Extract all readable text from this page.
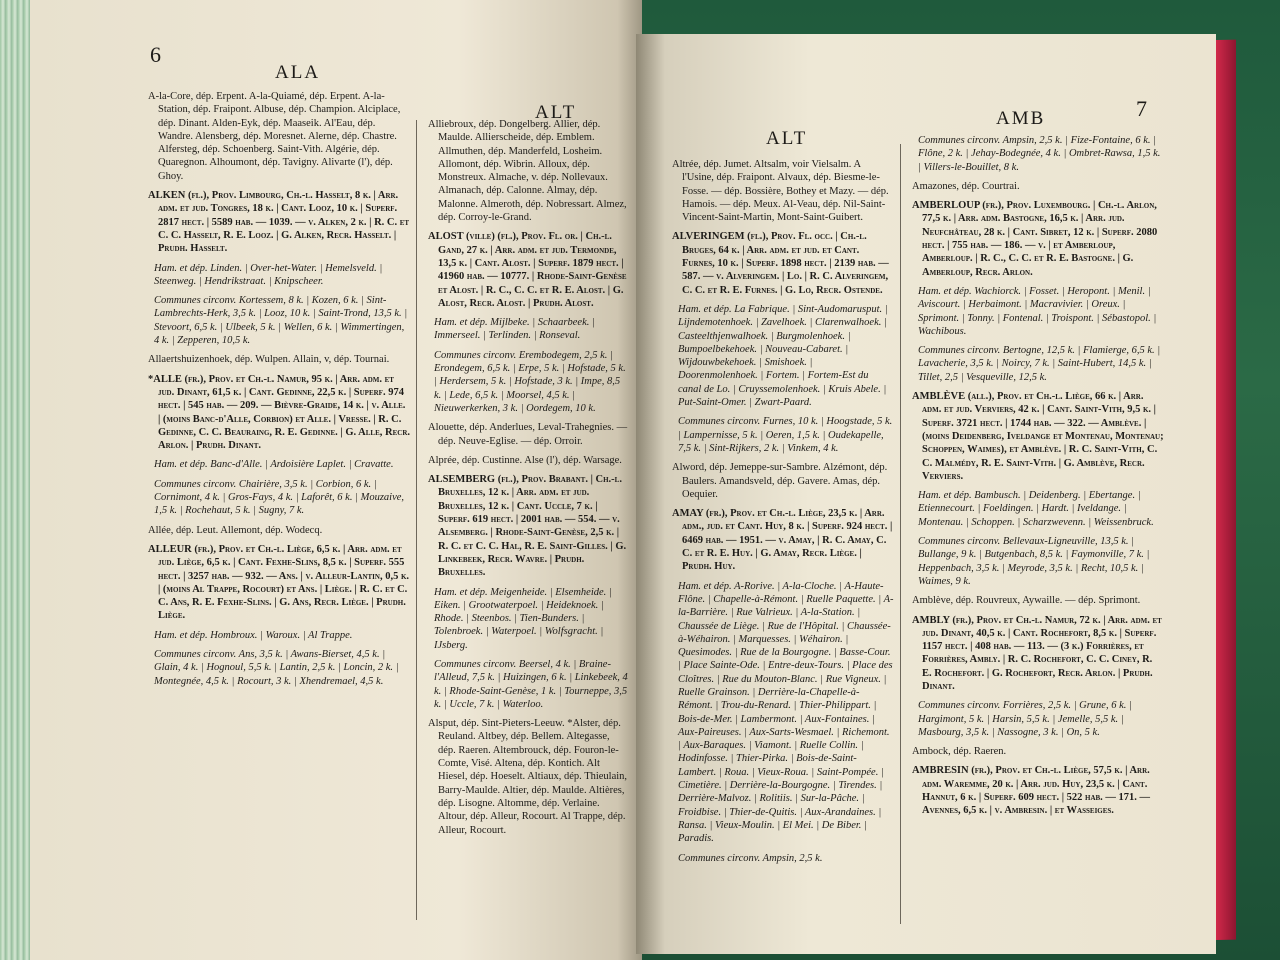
6
ALA
ALT

A-la-Core, dép. Erpent. A-la-Quiamé, dép. Erpent. A-la-Station, dép. Fraipont. Albuse, dép. Champion. Alciplace, dép. Dinant. Alden-Eyk, dép. Maaseik. Al'Eau, dép. Wandre. Alensberg, dép. Moresnet. Alerne, dép. Chastre. Alfersteg, dép. Schoenberg. Saint-Vith. Algérie, dép. Quaregnon. Alhoumont, dép. Tavigny. Alivarte (l'), dép. Ghoy.

ALKEN (fl.), Prov. Limbourg, Ch.-l. Hasselt, 8 k. | Arr. adm. et jud. Tongres, 18 k. | Cant. Looz, 10 k. | Superf. 2817 hect. | 5589 hab. — 1039. — v. Alken, 2 k. | R. C. et C. C. Hasselt, R. E. Looz. | G. Alken, Recr. Hasselt. | Prudh. Hasselt.

Ham. et dép. Linden. | Over-het-Water. | Hemelsveld. | Steenweg. | Hendrikstraat. | Knipscheer.

Communes circonv. Kortessem, 8 k. | Kozen, 6 k. | Sint-Lambrechts-Herk, 3,5 k. | Looz, 10 k. | Saint-Trond, 13,5 k. | Stevoort, 6,5 k. | Ulbeek, 5 k. | Wellen, 6 k. | Wimmertingen, 4 k. | Zepperen, 10,5 k.

Allaertshuizenhoek, dép. Wulpen. Allain, v, dép. Tournai.

*ALLE (fr.), Prov. et Ch.-l. Namur, 95 k. | Arr. adm. et jud. Dinant, 61,5 k. | Cant. Gedinne, 22,5 k. | Superf. 974 hect. | 545 hab. — 209. — Bièvre-Graide, 14 k. | v. Alle. | (moins Banc-d'Alle, Corbion) et Alle. | Vresse. | R. C. Gedinne, C. C. Beauraing, R. E. Gedinne. | G. Alle, Recr. Arlon. | Prudh. Dinant.

Ham. et dép. Banc-d'Alle. | Ardoisière Laplet. | Cravatte.

Communes circonv. Chairière, 3,5 k. | Corbion, 6 k. | Cornimont, 4 k. | Gros-Fays, 4 k. | Laforêt, 6 k. | Mouzaive, 1,5 k. | Rochehaut, 5 k. | Sugny, 7 k.

Allée, dép. Leut. Allemont, dép. Wodecq.

ALLEUR (fr.), Prov. et Ch.-l. Liège, 6,5 k. | Arr. adm. et jud. Liège, 6,5 k. | Cant. Fexhe-Slins, 8,5 k. | Superf. 555 hect. | 3257 hab. — 932. — Ans. | v. Alleur-Lantin, 0,5 k. | (moins Al Trappe, Rocourt) et Ans. | Liège. | R. C. et C. C. Ans, R. E. Fexhe-Slins. | G. Ans, Recr. Liège. | Prudh. Liège.

Ham. et dép. Hombroux. | Waroux. | Al Trappe.

Communes circonv. Ans, 3,5 k. | Awans-Bierset, 4,5 k. | Glain, 4 k. | Hognoul, 5,5 k. | Lantin, 2,5 k. | Loncin, 2 k. | Montegnée, 4,5 k. | Rocourt, 3 k. | Xhendremael, 4,5 k.

Alliebroux, dép. Dongelberg. Allier, dép. Maulde. Allierscheide, dép. Emblem. Allmuthen, dép. Manderfeld, Losheim. Allomont, dép. Wibrin. Alloux, dép. Monstreux. Almache, v. dép. Nollevaux. Almanach, dép. Calonne. Almay, dép. Malonne. Almeroth, dép. Nobressart. Almez, dép. Corroy-le-Grand.

ALOST (ville) (fl.), Prov. Fl. or. | Ch.-l. Gand, 27 k. | Arr. adm. et jud. Termonde, 13,5 k. | Cant. Alost. | Superf. 1879 hect. | 41960 hab. — 10777. | Rhode-Saint-Genèse et Alost. | R. C., C. C. et R. E. Alost. | G. Alost, Recr. Alost. | Prudh. Alost.

Ham. et dép. Mijlbeke. | Schaarbeek. | Immerseel. | Terlinden. | Ronseval.

Communes circonv. Erembodegem, 2,5 k. | Erondegem, 6,5 k. | Erpe, 5 k. | Hofstade, 5 k. | Herdersem, 5 k. | Hofstade, 3 k. | Impe, 8,5 k. | Lede, 6,5 k. | Moorsel, 4,5 k. | Nieuwerkerken, 3 k. | Oordegem, 10 k.

Alouette, dép. Anderlues, Leval-Trahegnies. — dép. Neuve-Eglise. — dép. Orroir.

Alprée, dép. Custinne. Alse (l'), dép. Warsage.

ALSEMBERG (fl.), Prov. Brabant. | Ch.-l. Bruxelles, 12 k. | Arr. adm. et jud. Bruxelles, 12 k. | Cant. Uccle, 7 k. | Superf. 619 hect. | 2001 hab. — 554. — v. Alsemberg. | Rhode-Saint-Genèse, 2,5 k. | R. C. et C. C. Hal, R. E. Saint-Gilles. | G. Linkebeek, Recr. Wavre. | Prudh. Bruxelles.

Ham. et dép. Meigenheide. | Elsemheide. | Eiken. | Grootwaterpoel. | Heideknoek. | Rhode. | Steenbos. | Tien-Bunders. | Tolenbroek. | Waterpoel. | Wolfsgracht. | IJsberg.

Communes circonv. Beersel, 4 k. | Braine-l'Alleud, 7,5 k. | Huizingen, 6 k. | Linkebeek, 4 k. | Rhode-Saint-Genèse, 1 k. | Tourneppe, 3,5 k. | Uccle, 7 k. | Waterloo.

Alsput, dép. Sint-Pieters-Leeuw. *Alster, dép. Reuland. Altbey, dép. Bellem. Altegasse, dép. Raeren. Altembrouck, dép. Fouron-le-Comte, Visé. Altena, dép. Kontich. Alt Hiesel, dép. Hoeselt. Altiaux, dép. Thieulain, Barry-Maulde. Altier, dép. Maulde. Altières, dép. Lisogne. Altomme, dép. Verlaine. Altour, dép. Alleur, Rocourt. Al Trappe, dép. Alleur, Rocourt.

ALT
AMB	7

Altrée, dép. Jumet. Altsalm, voir Vielsalm. A l'Usine, dép. Fraipont. Alvaux, dép. Biesme-le-Fosse. — dép. Bossière, Bothey et Mazy. — dép. Hamois. — dép. Meux. Al-Veau, dép. Nil-Saint-Vincent-Saint-Martin, Mont-Saint-Guibert.

ALVERINGEM (fl.), Prov. Fl. occ. | Ch.-l. Bruges, 64 k. | Arr. adm. et jud. et Cant. Furnes, 10 k. | Superf. 1898 hect. | 2139 hab. — 587. — v. Alveringem. | Lo. | R. C. Alveringem, C. C. et R. E. Furnes. | G. Lo, Recr. Ostende.

Ham. et dép. La Fabrique. | Sint-Audomarusput. | Lijndemotenhoek. | Zavelhoek. | Clarenwalhoek. | Casteelthjenwalhoek. | Burgmolenhoek. | Bumpoelbekehoek. | Nouveau-Cabaret. | Wijdouwbekehoek. | Smishoek. | Doorenmolenhoek. | Fortem. | Fortem-Est du canal de Lo. | Cruyssemolenhoek. | Kruis Abele. | Put-Saint-Omer. | Zwart-Paard.

Communes circonv. Furnes, 10 k. | Hoogstade, 5 k. | Lampernisse, 5 k. | Oeren, 1,5 k. | Oudekapelle, 7,5 k. | Sint-Rijkers, 2 k. | Vinkem, 4 k.

Alword, dép. Jemeppe-sur-Sambre. Alzémont, dép. Baulers. Amandsveld, dép. Gavere. Amas, dép. Oequier.

AMAY (fr.), Prov. et Ch.-l. Liège, 23,5 k. | Arr. adm., jud. et Cant. Huy, 8 k. | Superf. 924 hect. | 6469 hab. — 1951. — v. Amay, | R. C. Amay, C. C. et R. E. Huy. | G. Amay, Recr. Liège. | Prudh. Huy.

Ham. et dép. A-Rorive. | A-la-Cloche. | A-Haute-Flône. | Chapelle-à-Rémont. | Ruelle Paquette. | A-la-Barrière. | Rue Valrieux. | A-la-Station. | Chaussée de Liège. | Rue de l'Hôpital. | Chaussée-à-Wéhairon. | Marquesses. | Wéhairon. | Quesimodes. | Rue de la Bourgogne. | Basse-Cour. | Place Sainte-Ode. | Entre-deux-Tours. | Place des Cloîtres. | Rue du Mouton-Blanc. | Rue Vigneux. | Ruelle Grainson. | Derrière-la-Chapelle-à-Rémont. | Trou-du-Renard. | Thier-Philippart. | Bois-de-Mer. | Lambermont. | Aux-Fontaines. | Aux-Paireuses. | Aux-Sarts-Wesmael. | Richemont. | Aux-Baraques. | Viamont. | Ruelle Collin. | Hodinfosse. | Thier-Pirka. | Bois-de-Saint-Lambert. | Roua. | Vieux-Roua. | Saint-Pompée. | Cimetière. | Derrière-la-Bourgogne. | Tirendes. | Derrière-Malvoz. | Rolitiis. | Sur-la-Pâche. | Froidbise. | Thier-de-Quitis. | Aux-Arandaines. | Ransa. | Vieux-Moulin. | El Mei. | De Biber. | Paradis.

Communes circonv. Ampsin, 2,5 k.

Communes circonv. Ampsin, 2,5 k. | Fize-Fontaine, 6 k. | Flône, 2 k. | Jehay-Bodegnée, 4 k. | Ombret-Rawsa, 1,5 k. | Villers-le-Bouillet, 8 k.

Amazones, dép. Courtrai.

AMBERLOUP (fr.), Prov. Luxembourg. | Ch.-l. Arlon, 77,5 k. | Arr. adm. Bastogne, 16,5 k. | Arr. jud. Neufchâteau, 28 k. | Cant. Sibret, 12 k. | Superf. 2080 hect. | 755 hab. — 186. — v. | et Amberloup, Amberloup. | R. C., C. C. et R. E. Bastogne. | G. Amberloup, Recr. Arlon.

Ham. et dép. Wachiorck. | Fosset. | Heropont. | Menil. | Aviscourt. | Herbaimont. | Macravivier. | Oreux. | Sprimont. | Tonny. | Fontenal. | Troispont. | Sébastopol. | Wachibous.

Communes circonv. Bertogne, 12,5 k. | Flamierge, 6,5 k. | Lavacherie, 3,5 k. | Noircy, 7 k. | Saint-Hubert, 14,5 k. | Tillet, 2,5 | Vesqueville, 12,5 k.

AMBLÈVE (all.), Prov. et Ch.-l. Liège, 66 k. | Arr. adm. et jud. Verviers, 42 k. | Cant. Saint-Vith, 9,5 k. | Superf. 3721 hect. | 1744 hab. — 322. — Amblève. | (moins Deidenberg, Iveldange et Montenau, Montenau; Schoppen, Waimes), et Amblève. | R. C. Saint-Vith, C. C. Malmédy, R. E. Saint-Vith. | G. Amblève, Recr. Verviers.

Ham. et dép. Bambusch. | Deidenberg. | Ebertange. | Etiennecourt. | Foeldingen. | Hardt. | Iveldange. | Montenau. | Schoppen. | Scharzwevenn. | Weissenbruck.

Communes circonv. Bellevaux-Ligneuville, 13,5 k. | Bullange, 9 k. | Butgenbach, 8,5 k. | Faymonville, 7 k. | Heppenbach, 3,5 k. | Meyrode, 3,5 k. | Recht, 10,5 k. | Waimes, 9 k.

Amblève, dép. Rouvreux, Aywaille. — dép. Sprimont.

AMBLY (fr.), Prov. et Ch.-l. Namur, 72 k. | Arr. adm. et jud. Dinant, 40,5 k. | Cant. Rochefort, 8,5 k. | Superf. 1157 hect. | 408 hab. — 113. — (3 k.) Forrières, et Forrières, Ambly. | R. C. Rochefort, C. C. Ciney, R. E. Rochefort. | G. Rochefort, Recr. Arlon. | Prudh. Dinant.

Communes circonv. Forrières, 2,5 k. | Grune, 6 k. | Hargimont, 5 k. | Harsin, 5,5 k. | Jemelle, 5,5 k. | Masbourg, 3,5 k. | Nassogne, 3 k. | On, 5 k.

Ambock, dép. Raeren.

AMBRESIN (fr.), Prov. et Ch.-l. Liège, 57,5 k. | Arr. adm. Waremme, 20 k. | Arr. jud. Huy, 23,5 k. | Cant. Hannut, 6 k. | Superf. 609 hect. | 522 hab. — 171. — Avennes, 6,5 k. | v. Ambresin. | et Wasseiges.
